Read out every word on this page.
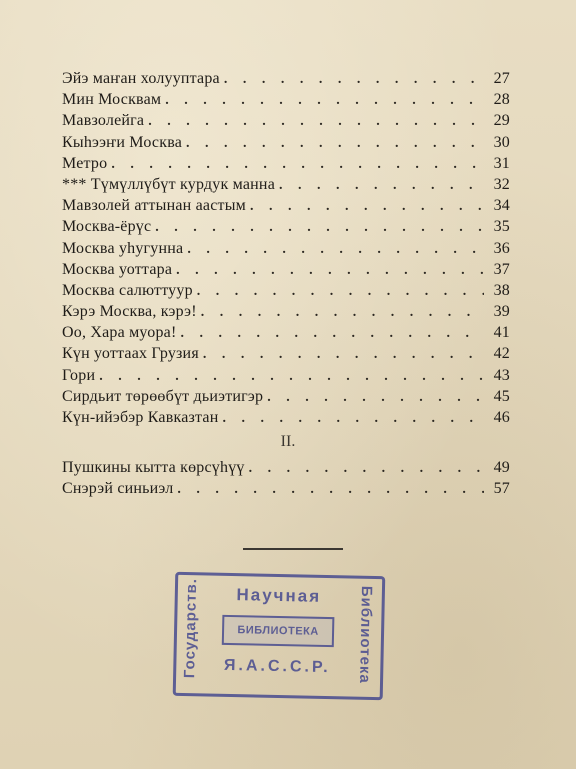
Эйэ маҥан холууптара . . .	27
Мин Москвам . . .	28
Мавзолейга . . .	29
Кыһээҥи Москва . . .	30
Метро . . .	31
*** Түмүллүбүт курдук манна . . .	32
Мавзолей аттынан аастым . . .	34
Москва-ёрүс . . .	35
Москва уһугунна . . .	36
Москва уоттара . . .	37
Москва салюттуур . . .	38
Кэрэ Москва, кэрэ! . . .	39
Оо, Хара муора! . . .	41
Күн уоттаах Грузия . . .	42
Гори . . .	43
Сирдьит төрөөбүт дьиэтигэр . . .	45
Күн-ийэбэр Кавказтан . . .	46
II.
Пушкины кытта көрсүһүү . . .	49
Снэрэй синьиэл . . .	57
Государств.	Библиотека
Научная
БИБЛИОТЕКА
Я.А.С.С.Р.
